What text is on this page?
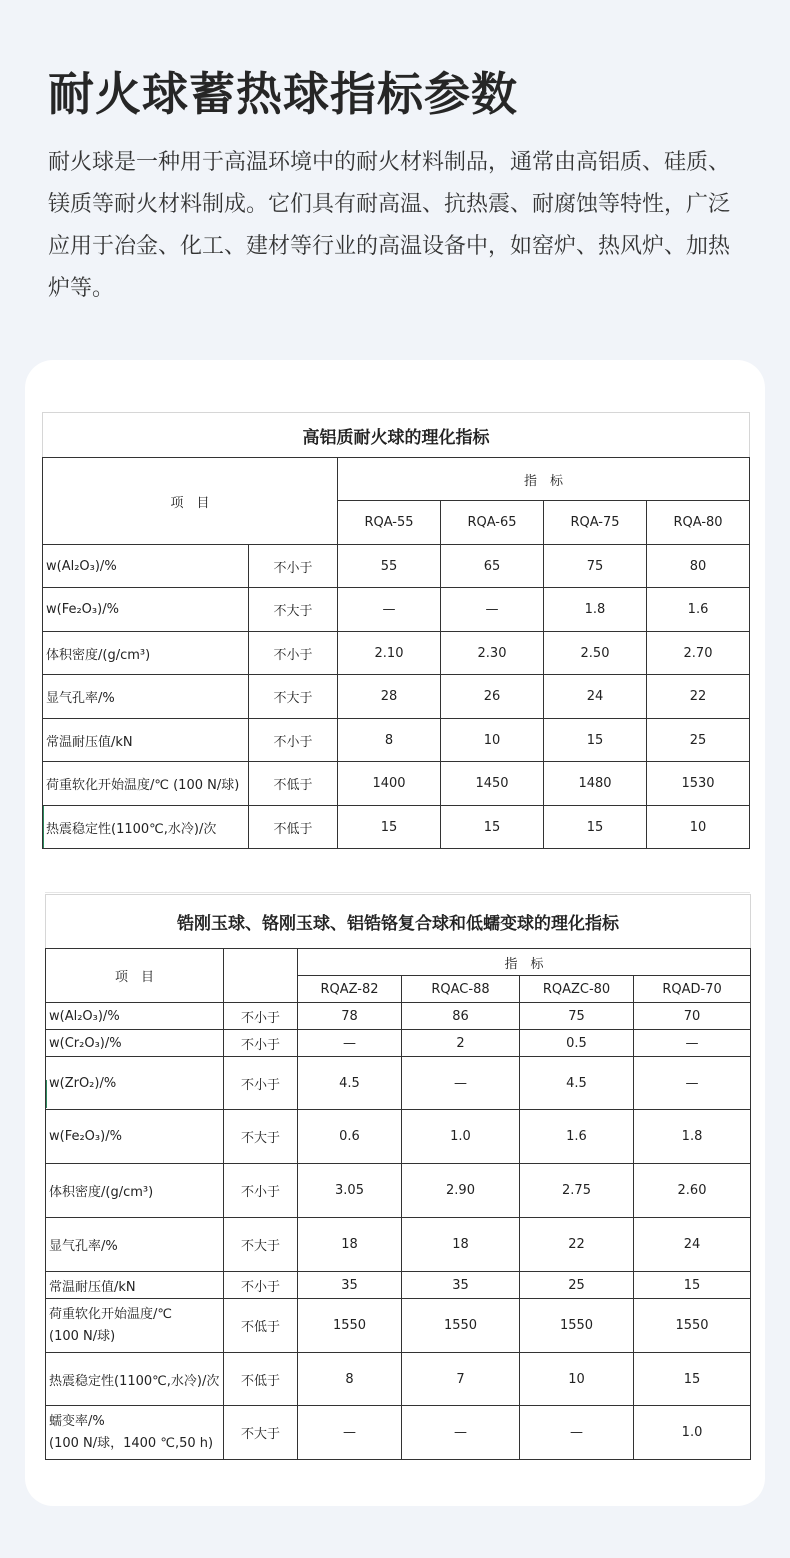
耐火球蓄热球指标参数

耐火球是一种用于高温环境中的耐火材料制品，通常由高铝质、硅质、镁质等耐火材料制成。它们具有耐高温、抗热震、耐腐蚀等特性，广泛应用于冶金、化工、建材等行业的高温设备中，如窑炉、热风炉、加热炉等。

高铝质耐火球的理化指标					
项　目		指　标			
		RQA-55	RQA-65	RQA-75	RQA-80
w(Al₂O₃)/%	不小于	55	65	75	80
w(Fe₂O₃)/%	不大于	—	—	1.8	1.6
体积密度/(g/cm³)	不小于	2.10	2.30	2.50	2.70
显气孔率/%	不大于	28	26	24	22
常温耐压值/kN	不小于	8	10	15	25
荷重软化开始温度/℃ (100 N/球)	不低于	1400	1450	1480	1530
热震稳定性(1100℃,水冷)/次	不低于	15	15	15	10
锆刚玉球、铬刚玉球、铝锆铬复合球和低蠕变球的理化指标					
项　目		指　标			
		RQAZ-82	RQAC-88	RQAZC-80	RQAD-70
w(Al₂O₃)/%	不小于	78	86	75	70
w(Cr₂O₃)/%	不小于	—	2	0.5	—
w(ZrO₂)/%	不小于	4.5	—	4.5	—
w(Fe₂O₃)/%	不大于	0.6	1.0	1.6	1.8
体积密度/(g/cm³)	不小于	3.05	2.90	2.75	2.60
显气孔率/%	不大于	18	18	22	24
常温耐压值/kN	不小于	35	35	25	15

荷重软化开始温度/℃
(100 N/球)	不低于	1550	1550	1550	1550
热震稳定性(1100℃,水冷)/次	不低于	8	7	10	15

蠕变率/%
(100 N/球，1400 ℃,50 h)	不大于	—	—	—	1.0
